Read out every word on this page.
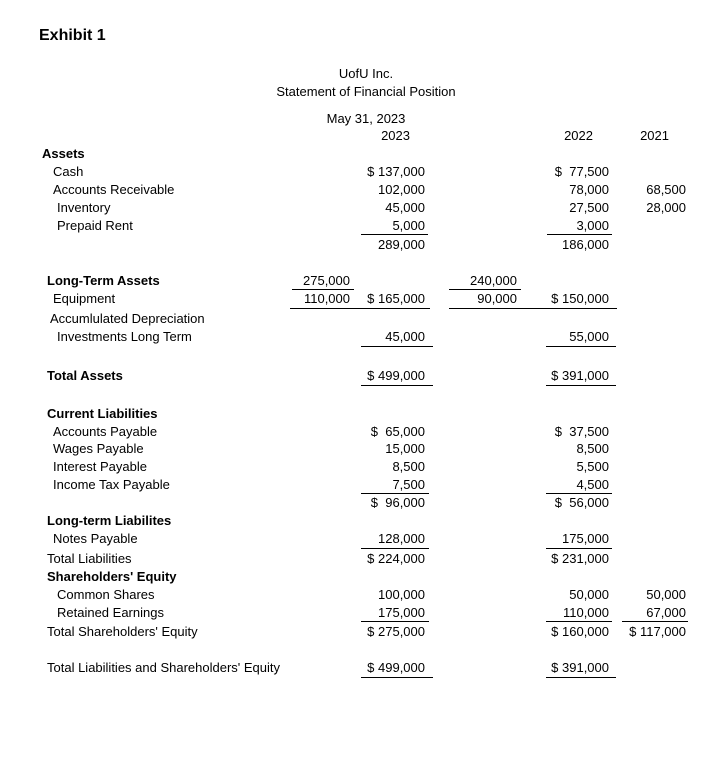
Exhibit 1
UofU Inc.
Statement of Financial Position
May 31, 2023
2023	2022	2021
Assets
Cash	$ 137,000	$  77,500
Accounts Receivable	102,000	78,000	68,500
Inventory	45,000	27,500	28,000
Prepaid Rent	5,000	3,000
289,000	186,000
Long-Term Assets	275,000	240,000
Equipment	110,000	$ 165,000	90,000	$ 150,000
Accumlulated Depreciation
Investments Long Term	45,000	55,000
Total Assets	$ 499,000	$ 391,000
Current Liabilities
Accounts Payable	$  65,000	$  37,500
Wages Payable	15,000	8,500
Interest Payable	8,500	5,500
Income Tax Payable	7,500	4,500
$  96,000	$  56,000
Long-term Liabilites
Notes Payable	128,000	175,000
Total Liabilities	$ 224,000	$ 231,000
Shareholders' Equity
Common Shares	100,000	50,000	50,000
Retained Earnings	175,000	110,000	67,000
Total Shareholders' Equity	$ 275,000	$ 160,000	$ 117,000
Total Liabilities and Shareholders' Equity	$ 499,000	$ 391,000
